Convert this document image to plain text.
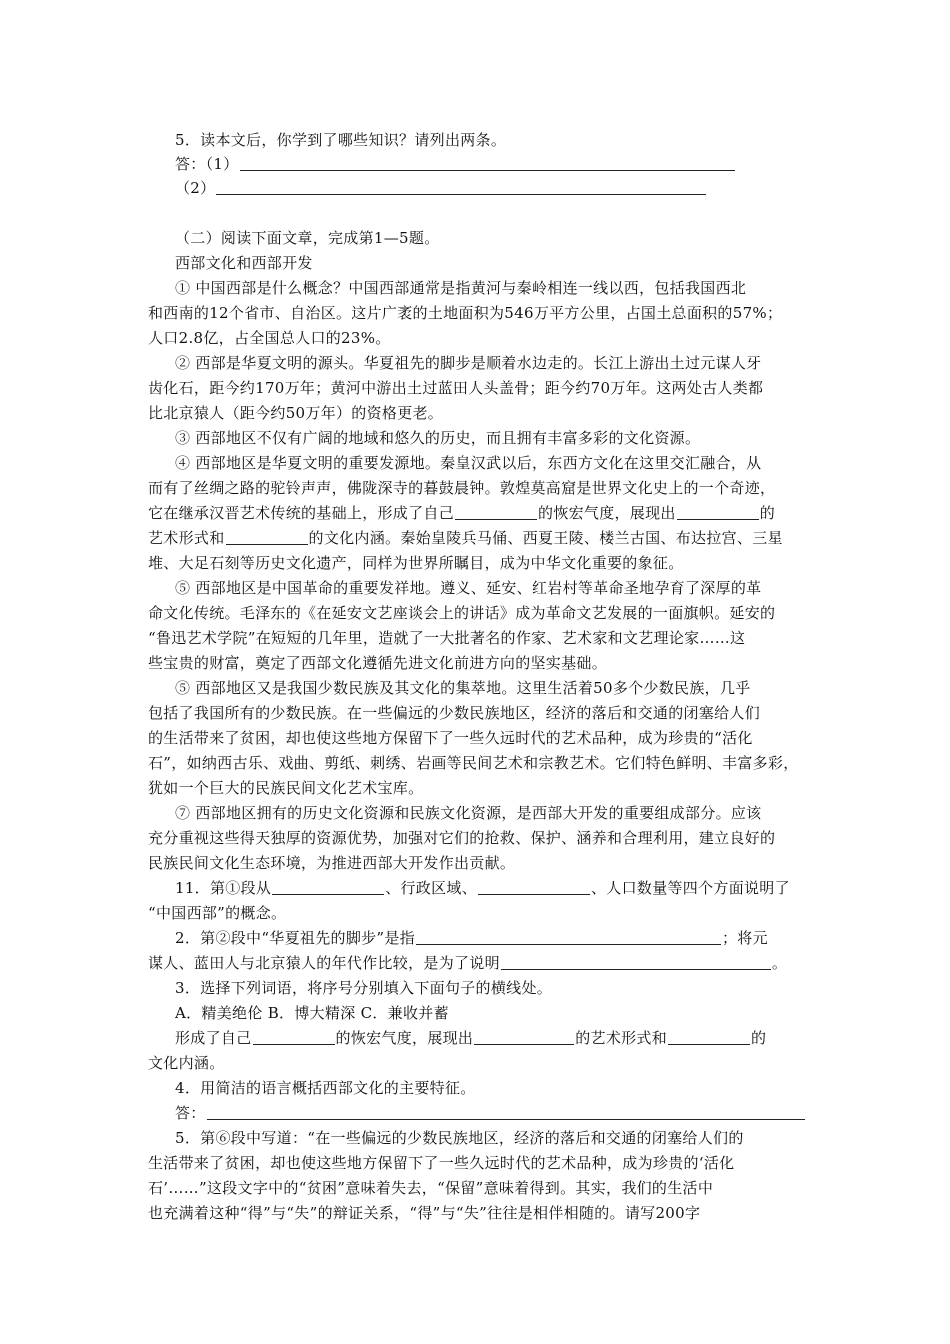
5．读本文后，你学到了哪些知识？请列出两条。
答：（1）
（2）
（二）阅读下面文章，完成第1—5题。
西部文化和西部开发
① 中国西部是什么概念？中国西部通常是指黄河与秦岭相连一线以西，包括我国西北
和西南的12个省市、自治区。这片广袤的土地面积为546万平方公里，占国土总面积的57%；
人口2.8亿，占全国总人口的23%。
② 西部是华夏文明的源头。华夏祖先的脚步是顺着水边走的。长江上游出土过元谋人牙
齿化石，距今约170万年；黄河中游出土过蓝田人头盖骨；距今约70万年。这两处古人类都
比北京猿人（距今约50万年）的资格更老。
③ 西部地区不仅有广阔的地域和悠久的历史，而且拥有丰富多彩的文化资源。
④ 西部地区是华夏文明的重要发源地。秦皇汉武以后，东西方文化在这里交汇融合，从
而有了丝绸之路的驼铃声声，佛陇深寺的暮鼓晨钟。敦煌莫高窟是世界文化史上的一个奇迹，
它在继承汉晋艺术传统的基础上，形成了自己	的恢宏气度，展现出	的
艺术形式和	的文化内涵。秦始皇陵兵马俑、西夏王陵、楼兰古国、布达拉宫、三星
堆、大足石刻等历史文化遗产，同样为世界所瞩目，成为中华文化重要的象征。
⑤ 西部地区是中国革命的重要发祥地。遵义、延安、红岩村等革命圣地孕育了深厚的革
命文化传统。毛泽东的《在延安文艺座谈会上的讲话》成为革命文艺发展的一面旗帜。延安的
“鲁迅艺术学院”在短短的几年里，造就了一大批著名的作家、艺术家和文艺理论家……这
些宝贵的财富，奠定了西部文化遵循先进文化前进方向的坚实基础。
⑤ 西部地区又是我国少数民族及其文化的集萃地。这里生活着50多个少数民族，几乎
包括了我国所有的少数民族。在一些偏远的少数民族地区，经济的落后和交通的闭塞给人们
的生活带来了贫困，却也使这些地方保留下了一些久远时代的艺术品种，成为珍贵的“活化
石”，如纳西古乐、戏曲、剪纸、刺绣、岩画等民间艺术和宗教艺术。它们特色鲜明、丰富多彩，
犹如一个巨大的民族民间文化艺术宝库。
⑦ 西部地区拥有的历史文化资源和民族文化资源，是西部大开发的重要组成部分。应该
充分重视这些得天独厚的资源优势，加强对它们的抢救、保护、涵养和合理利用，建立良好的
民族民间文化生态环境，为推进西部大开发作出贡献。
11．第①段从	、行政区域、	、人口数量等四个方面说明了
“中国西部”的概念。
2．第②段中“华夏祖先的脚步”是指	；将元
谋人、蓝田人与北京猿人的年代作比较，是为了说明	。
3．选择下列词语，将序号分别填入下面句子的横线处。
A．精美绝伦 B．博大精深 C．兼收并蓄
形成了自己	的恢宏气度，展现出	的艺术形式和	的
文化内涵。
4．用简洁的语言概括西部文化的主要特征。
答：
5．第⑥段中写道：“在一些偏远的少数民族地区，经济的落后和交通的闭塞给人们的
生活带来了贫困，却也使这些地方保留下了一些久远时代的艺术品种，成为珍贵的‘活化
石’……”这段文字中的“贫困”意味着失去，“保留”意味着得到。其实，我们的生活中
也充满着这种“得”与“失”的辩证关系，“得”与“失”往往是相伴相随的。请写200字
